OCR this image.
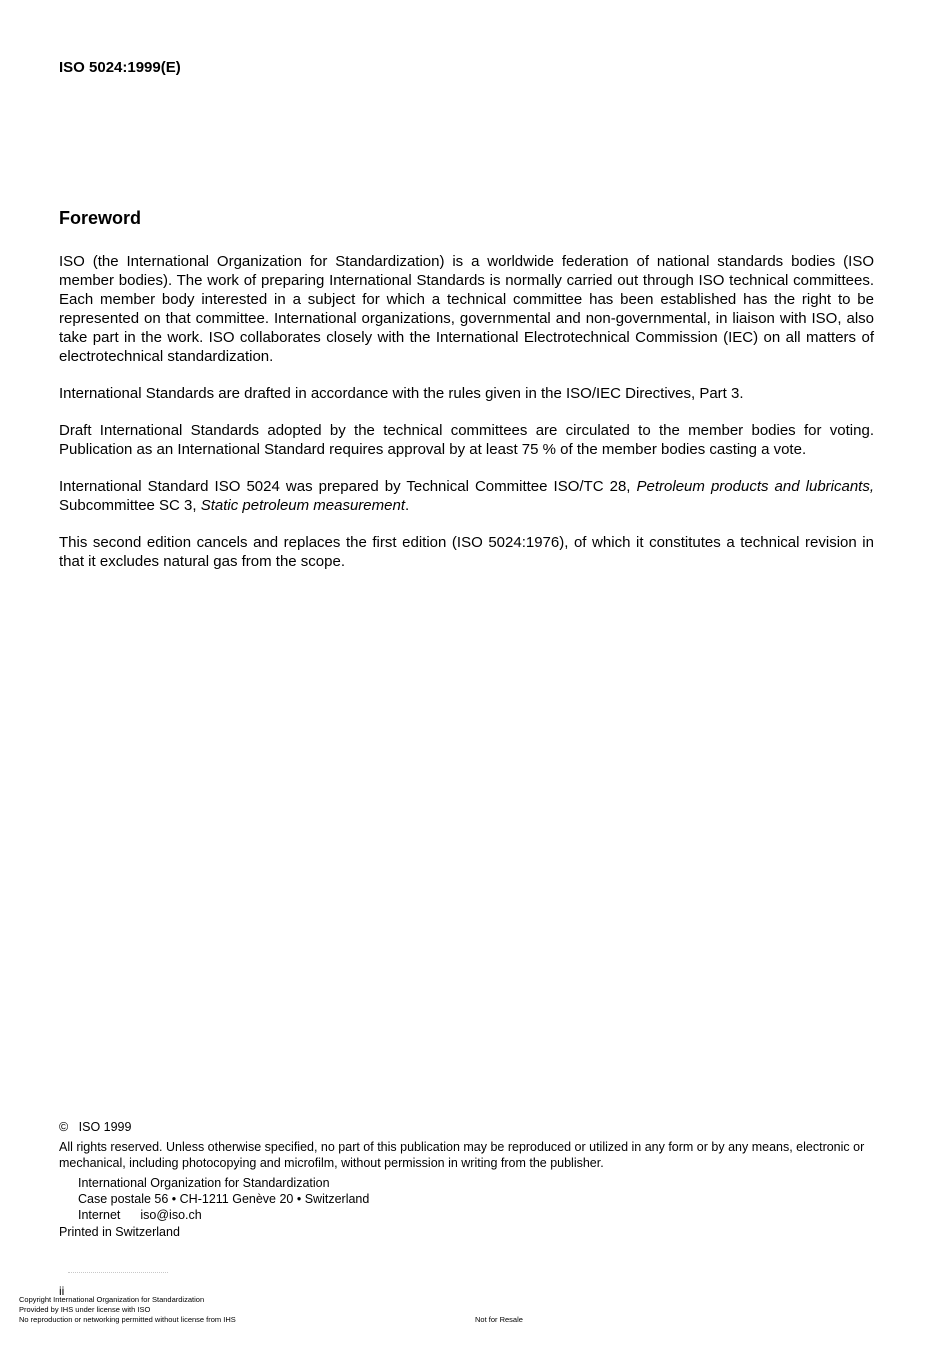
ISO 5024:1999(E)
Foreword
ISO (the International Organization for Standardization) is a worldwide federation of national standards bodies (ISO member bodies). The work of preparing International Standards is normally carried out through ISO technical committees. Each member body interested in a subject for which a technical committee has been established has the right to be represented on that committee. International organizations, governmental and non-governmental, in liaison with ISO, also take part in the work. ISO collaborates closely with the International Electrotechnical Commission (IEC) on all matters of electrotechnical standardization.
International Standards are drafted in accordance with the rules given in the ISO/IEC Directives, Part 3.
Draft International Standards adopted by the technical committees are circulated to the member bodies for voting. Publication as an International Standard requires approval by at least 75 % of the member bodies casting a vote.
International Standard ISO 5024 was prepared by Technical Committee ISO/TC 28, Petroleum products and lubricants, Subcommittee SC 3, Static petroleum measurement.
This second edition cancels and replaces the first edition (ISO 5024:1976), of which it constitutes a technical revision in that it excludes natural gas from the scope.
©   ISO 1999
All rights reserved. Unless otherwise specified, no part of this publication may be reproduced or utilized in any form or by any means, electronic or mechanical, including photocopying and microfilm, without permission in writing from the publisher.
International Organization for Standardization
Case postale 56 • CH-1211 Genève 20 • Switzerland
Internet iso@iso.ch
Printed in Switzerland
ii
Copyright International Organization for Standardization
Provided by IHS under license with ISO
No reproduction or networking permitted without license from IHS	Not for Resale
